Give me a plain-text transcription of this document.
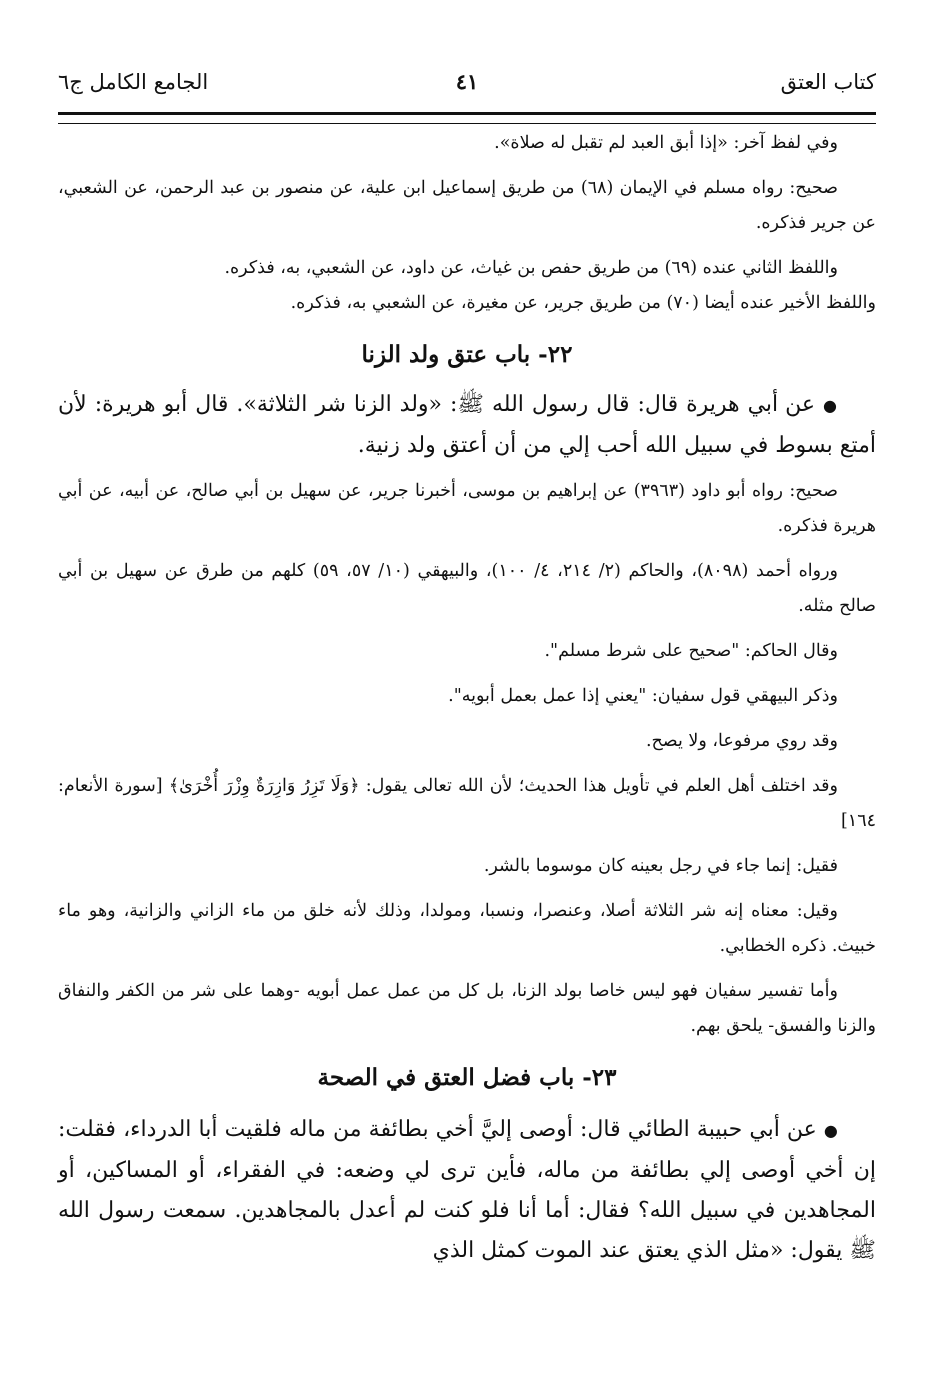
كتاب العتق
٤١
الجامع الكامل ج٦

وفي لفظ آخر: «إذا أبق العبد لم تقبل له صلاة».

صحيح: رواه مسلم في الإيمان (٦٨) من طريق إسماعيل ابن علية، عن منصور بن عبد الرحمن، عن الشعبي، عن جرير فذكره.

واللفظ الثاني عنده (٦٩) من طريق حفص بن غياث، عن داود، عن الشعبي، به، فذكره.

واللفظ الأخير عنده أيضا (٧٠) من طريق جرير، عن مغيرة، عن الشعبي به، فذكره.

٢٢- باب عتق ولد الزنا

● عن أبي هريرة قال: قال رسول الله ﷺ: «ولد الزنا شر الثلاثة». قال أبو هريرة: لأن أمتع بسوط في سبيل الله أحب إلي من أن أعتق ولد زنية.

صحيح: رواه أبو داود (٣٩٦٣) عن إبراهيم بن موسى، أخبرنا جرير، عن سهيل بن أبي صالح، عن أبيه، عن أبي هريرة فذكره.

ورواه أحمد (٨٠٩٨)، والحاكم (٢/ ٢١٤، ٤/ ١٠٠)، والبيهقي (١٠/ ٥٧، ٥٩) كلهم من طرق عن سهيل بن أبي صالح مثله.

وقال الحاكم: "صحيح على شرط مسلم".

وذكر البيهقي قول سفيان: "يعني إذا عمل بعمل أبويه".

وقد روي مرفوعا، ولا يصح.

وقد اختلف أهل العلم في تأويل هذا الحديث؛ لأن الله تعالى يقول: ﴿وَلَا تَزِرُ وَازِرَةٌ وِزْرَ أُخْرَىٰ﴾ [سورة الأنعام: ١٦٤]

فقيل: إنما جاء في رجل بعينه كان موسوما بالشر.

وقيل: معناه إنه شر الثلاثة أصلا، وعنصرا، ونسبا، ومولدا، وذلك لأنه خلق من ماء الزاني والزانية، وهو ماء خبيث. ذكره الخطابي.

وأما تفسير سفيان فهو ليس خاصا بولد الزنا، بل كل من عمل عمل أبويه -وهما على شر من الكفر والنفاق والزنا والفسق- يلحق بهم.

٢٣- باب فضل العتق في الصحة

● عن أبي حبيبة الطائي قال: أوصى إليَّ أخي بطائفة من ماله فلقيت أبا الدرداء، فقلت: إن أخي أوصى إلي بطائفة من ماله، فأين ترى لي وضعه: في الفقراء، أو المساكين، أو المجاهدين في سبيل الله؟ فقال: أما أنا فلو كنت لم أعدل بالمجاهدين. سمعت رسول الله ﷺ يقول: «مثل الذي يعتق عند الموت كمثل الذي
